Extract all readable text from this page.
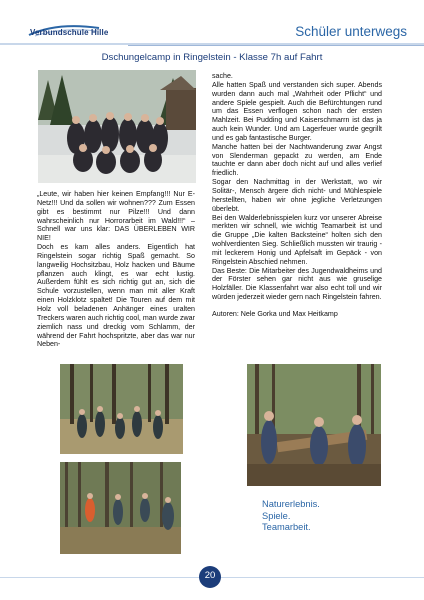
Verbundschule Hille	Schüler unterwegs
Dschungelcamp in Ringelstein - Klasse 7h auf Fahrt

„Leute, wir haben hier keinen Empfang!!! Nur E-Netz!!! Und da sollen wir wohnen??? Zum Essen gibt es bestimmt nur Pilze!!! Und dann wahrscheinlich nur Horrorarbeit im Wald!!!“ – Schnell war uns klar: DAS ÜBERLEBEN WIR NIE!

Doch es kam alles anders. Eigentlich hat Ringelstein sogar richtig Spaß gemacht. So langweilig Hochsitzbau, Holz hacken und Bäume pflanzen auch klingt, es war echt lustig. Außerdem fühlt es sich richtig gut an, sich die Schule vorzustellen, wenn man mit aller Kraft einen Holzklotz spaltet! Die Touren auf dem mit Holz voll beladenen Anhänger eines uralten Treckers waren auch richtig cool, man wurde zwar ziemlich nass und dreckig vom Schlamm, der während der Fahrt hochspritzte, aber das war nur Neben-

sache.

Alle hatten Spaß und verstanden sich super. Abends wurden dann auch mal „Wahrheit oder Pflicht“ und andere Spiele gespielt. Auch die Befürchtungen rund um das Essen verflogen schon nach der ersten Mahlzeit. Bei Pudding und Kaiserschmarrn ist das ja auch kein Wunder. Und am Lagerfeuer wurde gegrillt und es gab fantastische Burger.

Manche hatten bei der Nachtwanderung zwar Angst von Slenderman gepackt zu werden, am Ende tauchte er dann aber doch nicht auf und alles verlief friedlich.

Sogar den Nachmittag in der Werkstatt, wo wir Solitär-, Mensch ärgere dich nicht- und Mühlespiele herstellten, haben wir ohne jegliche Verletzungen überlebt.

Bei den Walderlebnisspielen kurz vor unserer Abreise merkten wir schnell, wie wichtig Teamarbeit ist und die Gruppe „Die kalten Backsteine“ holten sich den wohlverdienten Sieg. Schließlich mussten wir traurig - mit leckerem Honig und Apfelsaft im Gepäck - von Ringelstein Abschied nehmen.

Das Beste: Die Mitarbeiter des Jugendwaldheims und der Förster sehen gar nicht aus wie gruselige Holzfäller. Die Klassenfahrt war also echt toll und wir würden jederzeit wieder gern nach Ringelstein fahren.

Autoren: Nele Gorka und Max Heitkamp

Naturerlebnis.
Spiele.
Teamarbeit.
20
